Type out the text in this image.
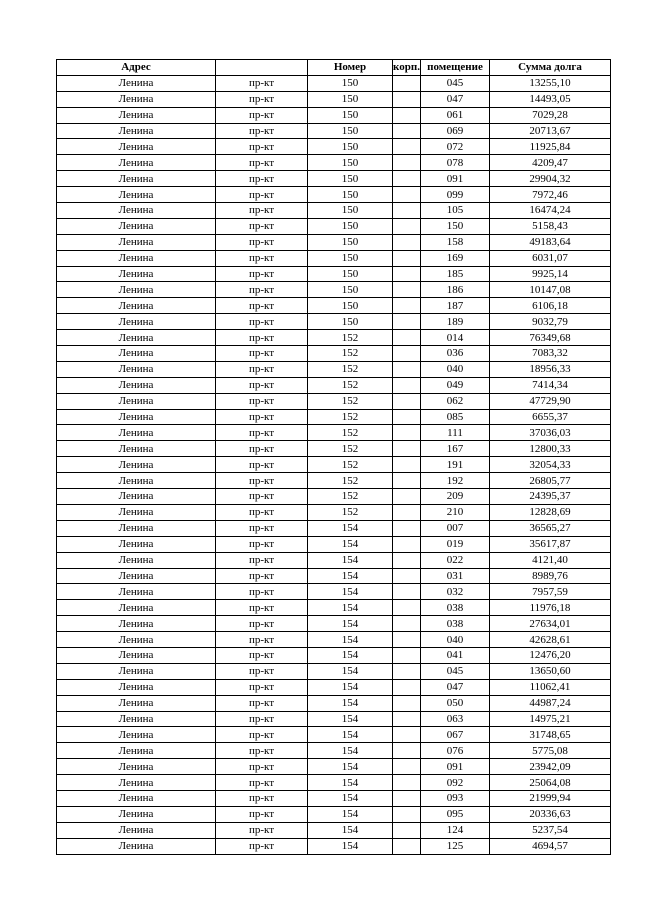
Адрес		Номер	корп.	помещение	Сумма долга
Ленина	пр-кт	150		045	13255,10
Ленина	пр-кт	150		047	14493,05
Ленина	пр-кт	150		061	7029,28
Ленина	пр-кт	150		069	20713,67
Ленина	пр-кт	150		072	11925,84
Ленина	пр-кт	150		078	4209,47
Ленина	пр-кт	150		091	29904,32
Ленина	пр-кт	150		099	7972,46
Ленина	пр-кт	150		105	16474,24
Ленина	пр-кт	150		150	5158,43
Ленина	пр-кт	150		158	49183,64
Ленина	пр-кт	150		169	6031,07
Ленина	пр-кт	150		185	9925,14
Ленина	пр-кт	150		186	10147,08
Ленина	пр-кт	150		187	6106,18
Ленина	пр-кт	150		189	9032,79
Ленина	пр-кт	152		014	76349,68
Ленина	пр-кт	152		036	7083,32
Ленина	пр-кт	152		040	18956,33
Ленина	пр-кт	152		049	7414,34
Ленина	пр-кт	152		062	47729,90
Ленина	пр-кт	152		085	6655,37
Ленина	пр-кт	152		111	37036,03
Ленина	пр-кт	152		167	12800,33
Ленина	пр-кт	152		191	32054,33
Ленина	пр-кт	152		192	26805,77
Ленина	пр-кт	152		209	24395,37
Ленина	пр-кт	152		210	12828,69
Ленина	пр-кт	154		007	36565,27
Ленина	пр-кт	154		019	35617,87
Ленина	пр-кт	154		022	4121,40
Ленина	пр-кт	154		031	8989,76
Ленина	пр-кт	154		032	7957,59
Ленина	пр-кт	154		038	11976,18
Ленина	пр-кт	154		038	27634,01
Ленина	пр-кт	154		040	42628,61
Ленина	пр-кт	154		041	12476,20
Ленина	пр-кт	154		045	13650,60
Ленина	пр-кт	154		047	11062,41
Ленина	пр-кт	154		050	44987,24
Ленина	пр-кт	154		063	14975,21
Ленина	пр-кт	154		067	31748,65
Ленина	пр-кт	154		076	5775,08
Ленина	пр-кт	154		091	23942,09
Ленина	пр-кт	154		092	25064,08
Ленина	пр-кт	154		093	21999,94
Ленина	пр-кт	154		095	20336,63
Ленина	пр-кт	154		124	5237,54
Ленина	пр-кт	154		125	4694,57
